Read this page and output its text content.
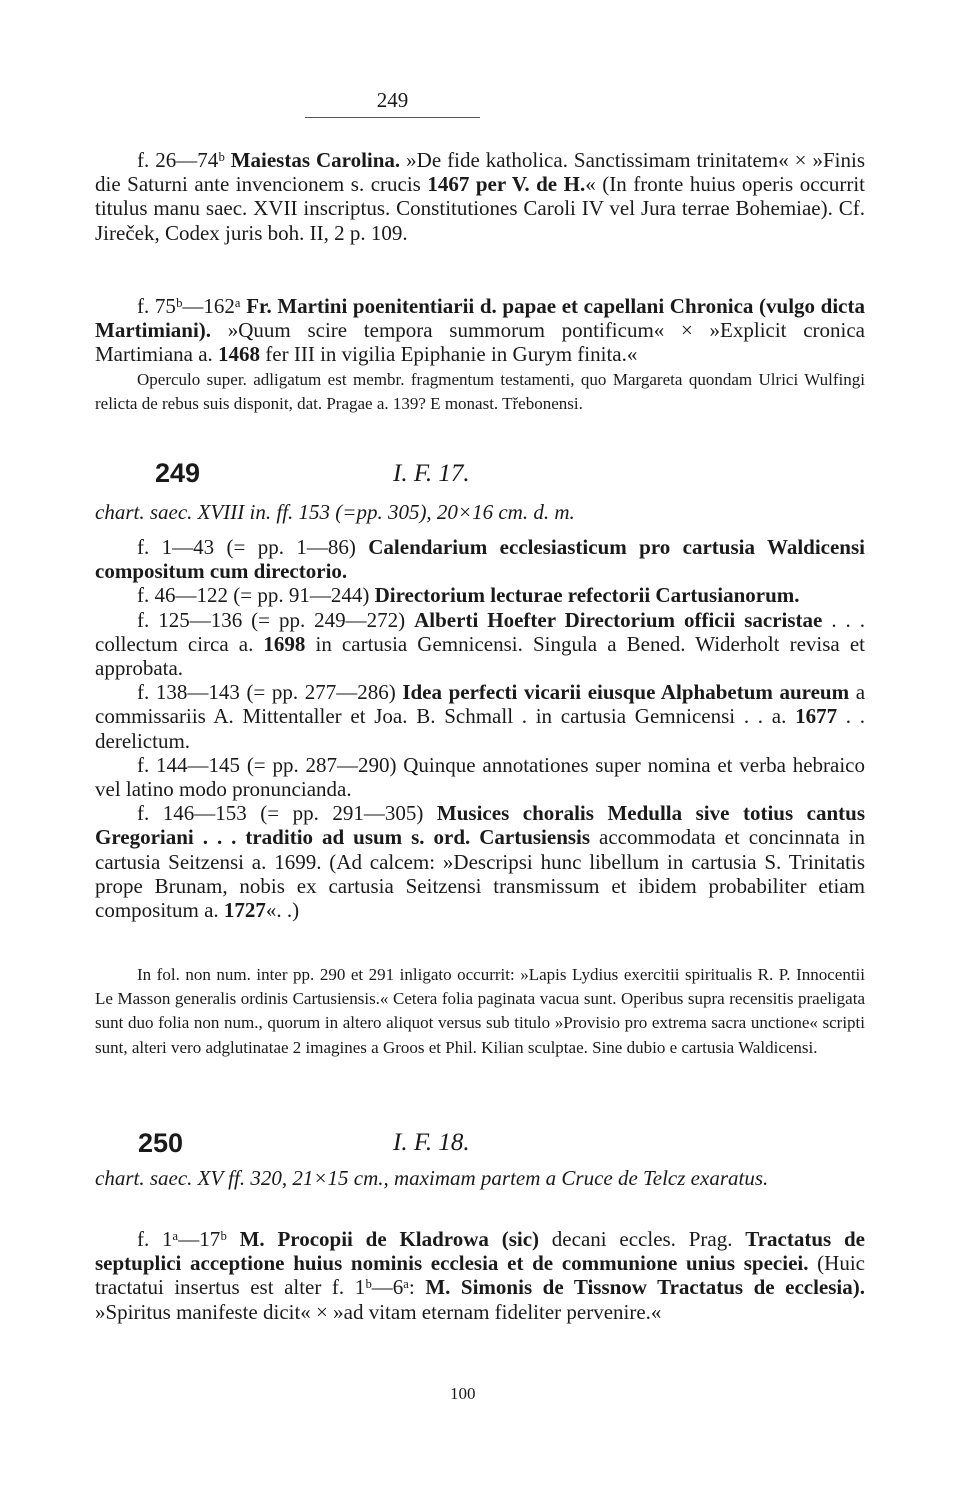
249

f. 26—74ᵇ Maiestas Carolina. »De fide katholica. Sanctissimam trinitatem« × »Finis die Saturni ante invencionem s. crucis 1467 per V. de H.« (In fronte huius operis occurrit titulus manu saec. XVII inscriptus. Constitutiones Caroli IV vel Jura terrae Bohemiae). Cf. Jireček, Codex juris boh. II, 2 p. 109.

f. 75ᵇ—162ᵃ Fr. Martini poenitentiarii d. papae et capellani Chronica (vulgo dicta Martimiani). »Quum scire tempora summorum pontificum« × »Explicit cronica Martimiana a. 1468 fer III in vigilia Epiphanie in Gurym finita.«

Operculo super. adligatum est membr. fragmentum testamenti, quo Margareta quondam Ulrici Wulfingi relicta de rebus suis disponit, dat. Pragae a. 139? E monast. Třebonensi.

249	I. F. 17.
chart. saec. XVIII in. ff. 153 (=pp. 305), 20×16 cm. d. m.

f. 1—43 (= pp. 1—86) Calendarium ecclesiasticum pro cartusia Waldicensi compositum cum directorio.

f. 46—122 (= pp. 91—244) Directorium lecturae refectorii Cartusianorum.

f. 125—136 (= pp. 249—272) Alberti Hoefter Directorium officii sacristae . . . collectum circa a. 1698 in cartusia Gemnicensi. Singula a Bened. Widerholt revisa et approbata.

f. 138—143 (= pp. 277—286) Idea perfecti vicarii eiusque Alphabetum aureum a commissariis A. Mittentaller et Joa. B. Schmall . in cartusia Gemnicensi . . a. 1677 . . derelictum.

f. 144—145 (= pp. 287—290) Quinque annotationes super nomina et verba hebraico vel latino modo pronuncianda.

f. 146—153 (= pp. 291—305) Musices choralis Medulla sive totius cantus Gregoriani . . . traditio ad usum s. ord. Cartusiensis accommodata et concinnata in cartusia Seitzensi a. 1699. (Ad calcem: »Descripsi hunc libellum in cartusia S. Trinitatis prope Brunam, nobis ex cartusia Seitzensi transmissum et ibidem probabiliter etiam compositum a. 1727«. .)

In fol. non num. inter pp. 290 et 291 inligato occurrit: »Lapis Lydius exercitii spiritualis R. P. Innocentii Le Masson generalis ordinis Cartusiensis.« Cetera folia paginata vacua sunt. Operibus supra recensitis praeligata sunt duo folia non num., quorum in altero aliquot versus sub titulo »Provisio pro extrema sacra unctione« scripti sunt, alteri vero adglutinatae 2 imagines a Groos et Phil. Kilian sculptae. Sine dubio e cartusia Waldicensi.

250	I. F. 18.
chart. saec. XV ff. 320, 21×15 cm., maximam partem a Cruce de Telcz exaratus.

f. 1ᵃ—17ᵇ M. Procopii de Kladrowa (sic) decani eccles. Prag. Tractatus de septuplici acceptione huius nominis ecclesia et de communione unius speciei. (Huic tractatui insertus est alter f. 1ᵇ—6ᵃ: M. Simonis de Tissnow Tractatus de ecclesia). »Spiritus manifeste dicit« × »ad vitam eternam fideliter pervenire.«

100
